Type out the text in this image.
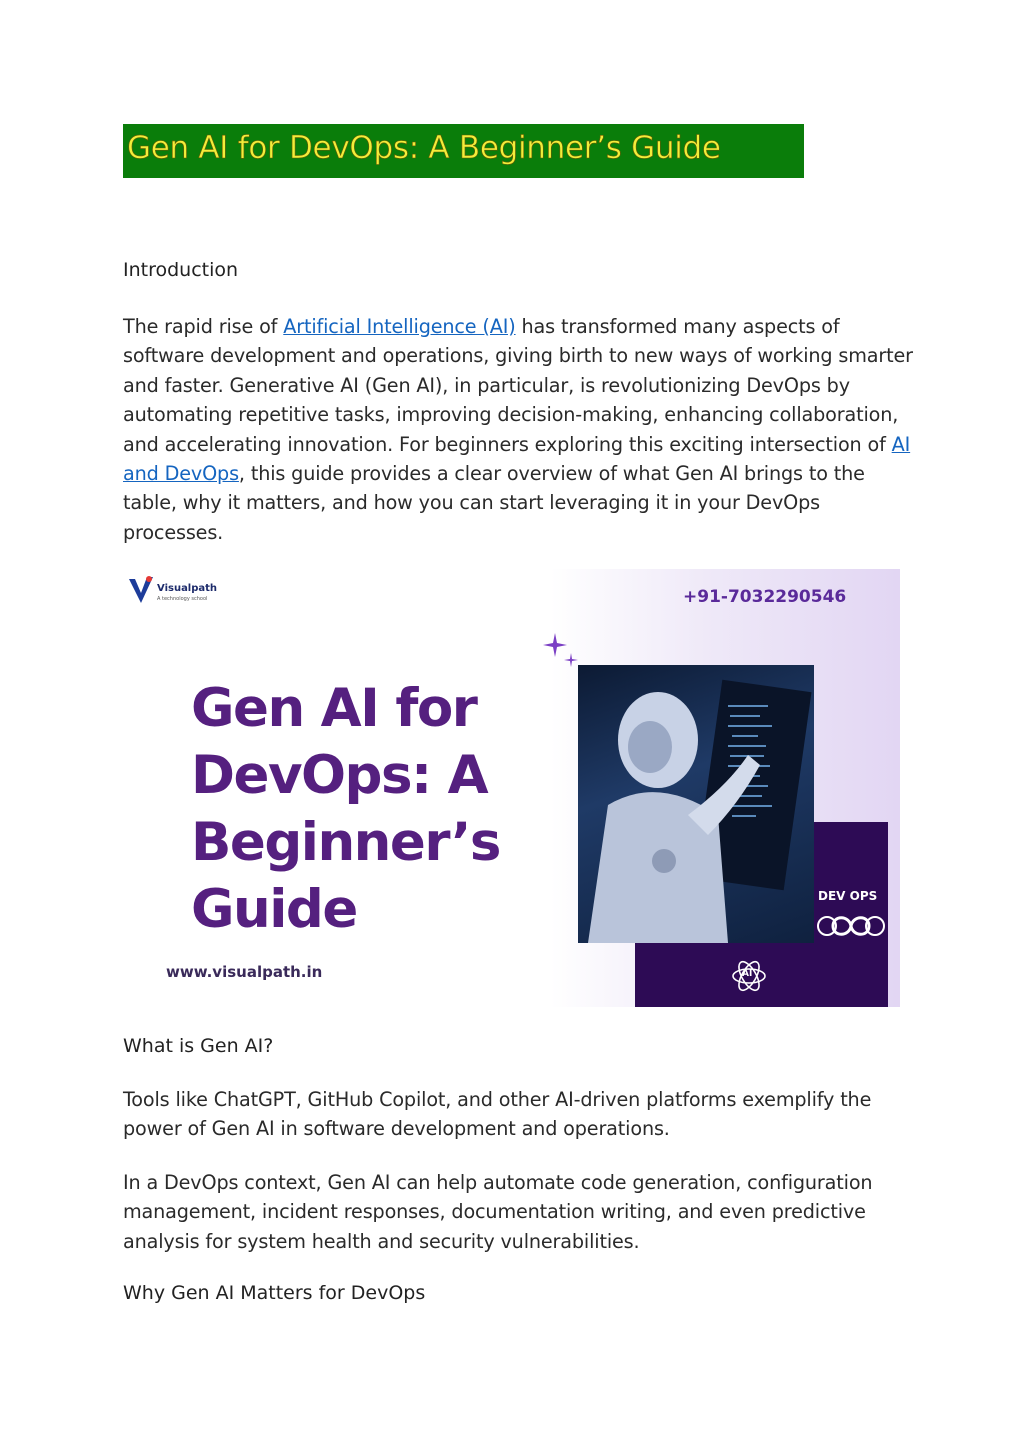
Gen AI for DevOps: A Beginner’s Guide
Introduction
The rapid rise of Artificial Intelligence (AI) has transformed many aspects of software development and operations, giving birth to new ways of working smarter and faster. Generative AI (Gen AI), in particular, is revolutionizing DevOps by automating repetitive tasks, improving decision-making, enhancing collaboration, and accelerating innovation. For beginners exploring this exciting intersection of AI and DevOps, this guide provides a clear overview of what Gen AI brings to the table, why it matters, and how you can start leveraging it in your DevOps processes.
Visualpath
A technology school	+91-7032290546
Gen AI for DevOps: A Beginner’s Guide	DEV OPS
AI
www.visualpath.in
What is Gen AI?
Tools like ChatGPT, GitHub Copilot, and other AI-driven platforms exemplify the power of Gen AI in software development and operations.
In a DevOps context, Gen AI can help automate code generation, configuration management, incident responses, documentation writing, and even predictive analysis for system health and security vulnerabilities.
Why Gen AI Matters for DevOps
